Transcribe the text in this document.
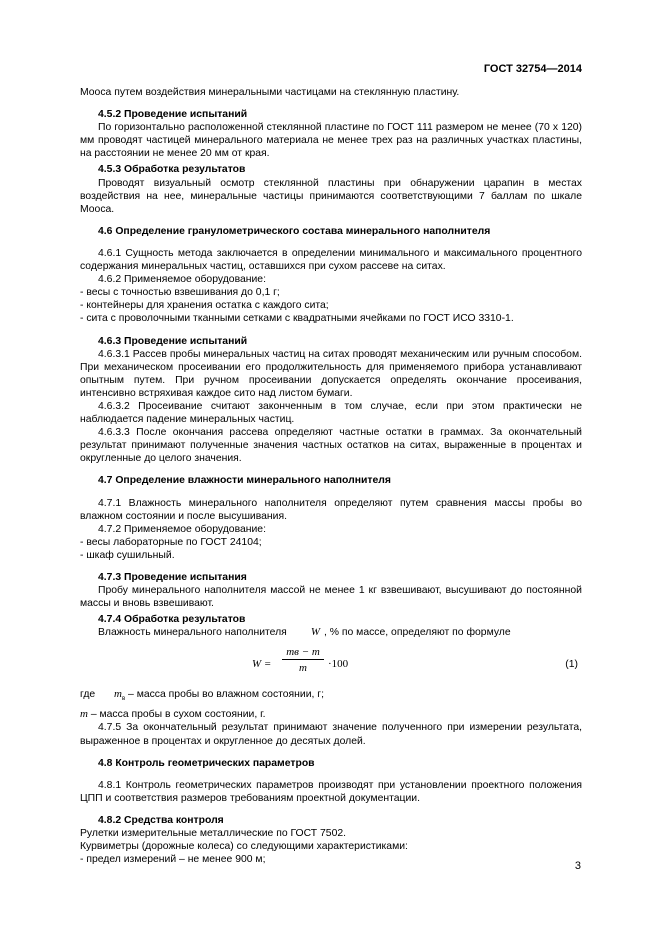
ГОСТ 32754—2014

Мооса путем воздействия минеральными частицами на стеклянную пластину.

4.5.2 Проведение испытаний

По горизонтально расположенной стеклянной пластине по ГОСТ 111 размером не менее (70 x 120) мм проводят частицей минерального материала не менее трех раз на различных участках пластины, на расстоянии не менее 20 мм от края.

4.5.3 Обработка результатов

Проводят визуальный осмотр стеклянной пластины при обнаружении царапин в местах воздействия на нее, минеральные частицы принимаются соответствующими 7 баллам по шкале Мооса.

4.6 Определение гранулометрического состава минерального наполнителя

4.6.1 Сущность метода заключается в определении минимального и максимального процентного содержания минеральных частиц, оставшихся при сухом рассеве на ситах.

4.6.2 Применяемое оборудование:

- весы с точностью взвешивания до 0,1 г;

- контейнеры для хранения остатка с каждого сита;

- сита с проволочными тканными сетками с квадратными ячейками по ГОСТ ИСО 3310-1.

4.6.3 Проведение испытаний

4.6.3.1 Рассев пробы минеральных частиц на ситах проводят механическим или ручным способом. При механическом просеивании его продолжительность для применяемого прибора устанавливают опытным путем. При ручном просеивании допускается определять окончание просеивания, интенсивно встряхивая каждое сито над листом бумаги.

4.6.3.2 Просеивание считают законченным в том случае, если при этом практически не наблюдается падение минеральных частиц.

4.6.3.3 После окончания рассева определяют частные остатки в граммах. За окончательный результат принимают полученные значения частных остатков на ситах, выраженные в процентах и округленные до целого значения.

4.7 Определение влажности минерального наполнителя

4.7.1 Влажность минерального наполнителя определяют путем сравнения массы пробы во влажном состоянии и после высушивания.

4.7.2 Применяемое оборудование:

- весы лабораторные по ГОСТ 24104;

- шкаф сушильный.

4.7.3 Проведение испытания

Пробу минерального наполнителя массой не менее 1 кг взвешивают, высушивают до постоянной массы и вновь взвешивают.

4.7.4 Обработка результатов

Влажность минерального наполнителя W , % по массе, определяют по формуле

W =
mв − m
m	·100	(1)
где $m_в$ – масса пробы во влажном состоянии, г;
m – масса пробы в сухом состоянии, г.

4.7.5 За окончательный результат принимают значение полученного при измерении результата, выраженное в процентах и округленное до десятых долей.

4.8 Контроль геометрических параметров

4.8.1 Контроль геометрических параметров производят при установлении проектного положения ЦПП и соответствия размеров требованиям проектной документации.

4.8.2 Средства контроля

Рулетки измерительные металлические по ГОСТ 7502.

Курвиметры (дорожные колеса) со следующими характеристиками:

- предел измерений – не менее 900 м;

3
